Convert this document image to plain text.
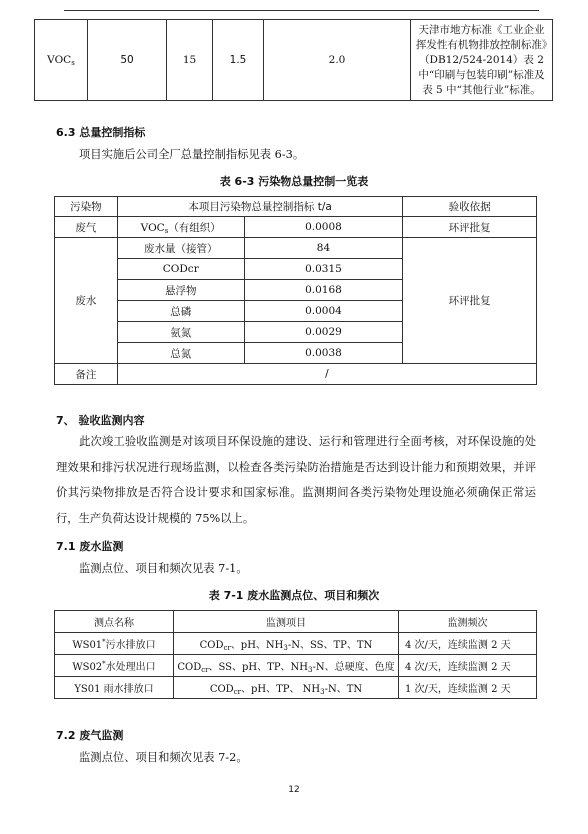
$VOC_s$	50	15	1.5	2.0	天津市地方标准《工业企业挥发性有机物排放控制标准》（DB12/524-2014）表 2 中“印刷与包装印刷”标准及表 5 中“其他行业”标准。
6.3 总量控制指标
项目实施后公司全厂总量控制指标见表 6-3。
表 6-3 污染物总量控制一览表
污染物	本项目污染物总量控制指标 t/a		验收依据
废气	$VOC_s$（有组织）	0.0008	环评批复
废水	废水量（接管）	84	环评批复
	CODcr	0.0315	
	悬浮物	0.0168	
	总磷	0.0004	
	氨氮	0.0029	
	总氮	0.0038	
备注	/		
7、 验收监测内容
此次竣工验收监测是对该项目环保设施的建设、运行和管理进行全面考核，对环保设施的处理效果和排污状况进行现场监测，以检查各类污染防治措施是否达到设计能力和预期效果，并评价其污染物排放是否符合设计要求和国家标准。监测期间各类污染物处理设施必须确保正常运行，生产负荷达设计规模的 75%以上。
7.1 废水监测
监测点位、项目和频次见表 7-1。
表 7-1 废水监测点位、项目和频次
测点名称	监测项目	监测频次
WS01*污水排放口	$COD_{cr}$、pH、$NH_3-N$、SS、TP、TN	4 次/天，连续监测 2 天
WS02*水处理出口	$COD_{cr}$、SS、pH、TP、$NH_3-N$、总硬度、色度	4 次/天，连续监测 2 天
YS01 雨水排放口	$COD_{cr}$、pH、TP、 $NH_3-N$、TN	1 次/天，连续监测 2 天
7.2 废气监测
监测点位、项目和频次见表 7-2。
12
